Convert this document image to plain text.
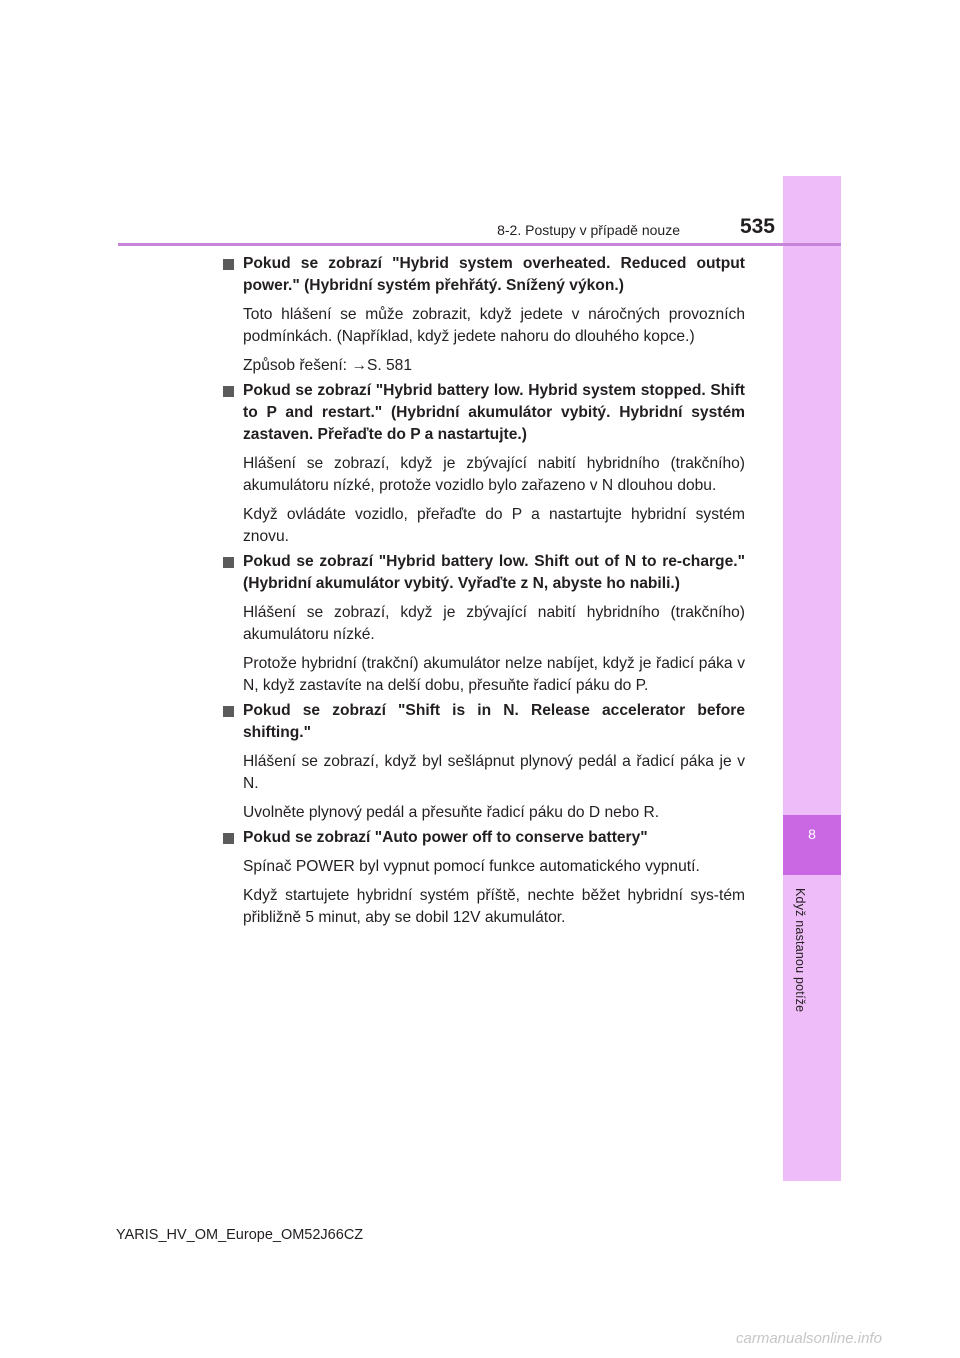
8
Když nastanou potíže
8-2. Postupy v případě nouze	535
Pokud se zobrazí "Hybrid system overheated. Reduced output power." (Hybridní systém přehřátý. Snížený výkon.)
Toto hlášení se může zobrazit, když jedete v náročných provozních podmínkách. (Například, když jedete nahoru do dlouhého kopce.)
Způsob řešení: →S. 581
Pokud se zobrazí "Hybrid battery low. Hybrid system stopped. Shift to P and restart." (Hybridní akumulátor vybitý. Hybridní systém zastaven. Přeřaďte do P a nastartujte.)
Hlášení se zobrazí, když je zbývající nabití hybridního (trakčního) akumulátoru nízké, protože vozidlo bylo zařazeno v N dlouhou dobu.
Když ovládáte vozidlo, přeřaďte do P a nastartujte hybridní systém znovu.
Pokud se zobrazí "Hybrid battery low. Shift out of N to re-charge." (Hybridní akumulátor vybitý. Vyřaďte z N, abyste ho nabili.)
Hlášení se zobrazí, když je zbývající nabití hybridního (trakčního) akumulátoru nízké.
Protože hybridní (trakční) akumulátor nelze nabíjet, když je řadicí páka v N, když zastavíte na delší dobu, přesuňte řadicí páku do P.
Pokud se zobrazí "Shift is in N. Release accelerator before shifting."
Hlášení se zobrazí, když byl sešlápnut plynový pedál a řadicí páka je v N.
Uvolněte plynový pedál a přesuňte řadicí páku do D nebo R.
Pokud se zobrazí "Auto power off to conserve battery"
Spínač POWER byl vypnut pomocí funkce automatického vypnutí.
Když startujete hybridní systém příště, nechte běžet hybridní sys-tém přibližně 5 minut, aby se dobil 12V akumulátor.
YARIS_HV_OM_Europe_OM52J66CZ
carmanualsonline.info
